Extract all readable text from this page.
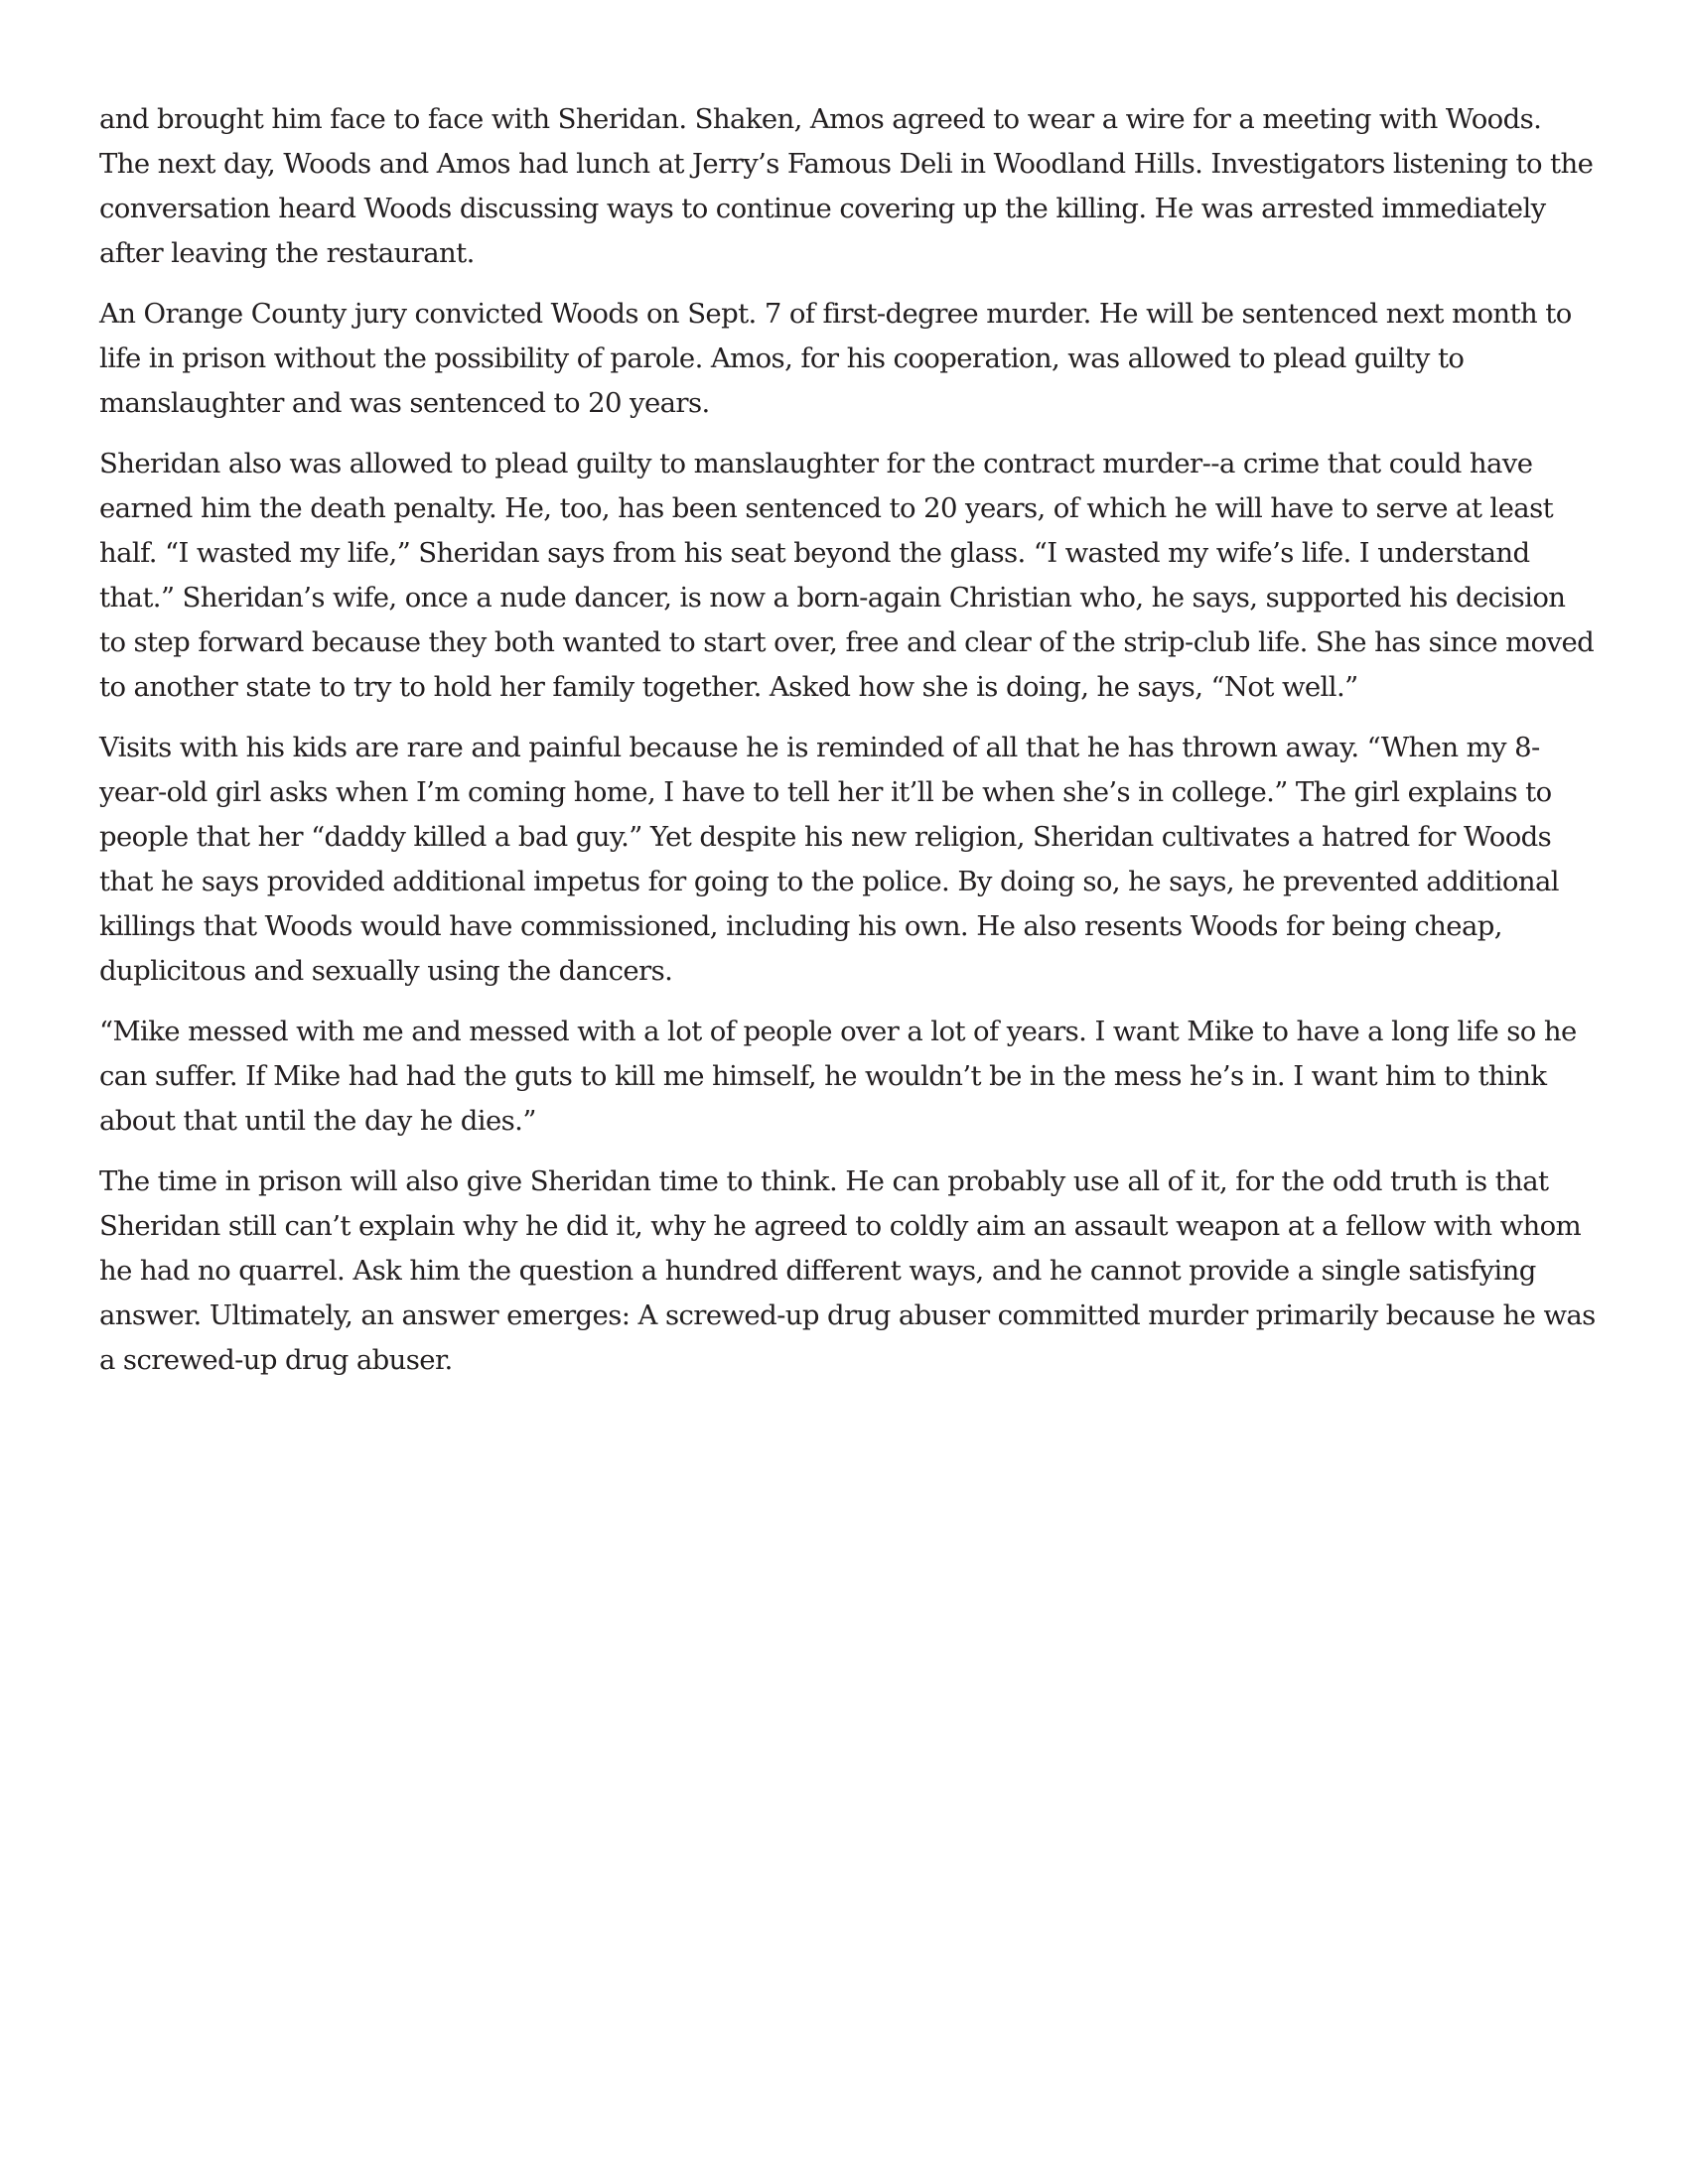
and brought him face to face with Sheridan. Shaken, Amos agreed to wear a wire for a meeting with Woods. The next day, Woods and Amos had lunch at Jerry’s Famous Deli in Woodland Hills. Investigators listening to the conversation heard Woods discussing ways to continue covering up the killing. He was arrested immediately after leaving the restaurant.

An Orange County jury convicted Woods on Sept. 7 of first-degree murder. He will be sentenced next month to life in prison without the possibility of parole. Amos, for his cooperation, was allowed to plead guilty to manslaughter and was sentenced to 20 years.

Sheridan also was allowed to plead guilty to manslaughter for the contract murder--a crime that could have earned him the death penalty. He, too, has been sentenced to 20 years, of which he will have to serve at least half. “I wasted my life,” Sheridan says from his seat beyond the glass. “I wasted my wife’s life. I understand that.” Sheridan’s wife, once a nude dancer, is now a born-again Christian who, he says, supported his decision to step forward because they both wanted to start over, free and clear of the strip-club life. She has since moved to another state to try to hold her family together. Asked how she is doing, he says, “Not well.”

Visits with his kids are rare and painful because he is reminded of all that he has thrown away. “When my 8-year-old girl asks when I’m coming home, I have to tell her it’ll be when she’s in college.” The girl explains to people that her “daddy killed a bad guy.” Yet despite his new religion, Sheridan cultivates a hatred for Woods that he says provided additional impetus for going to the police. By doing so, he says, he prevented additional killings that Woods would have commissioned, including his own. He also resents Woods for being cheap, duplicitous and sexually using the dancers.

“Mike messed with me and messed with a lot of people over a lot of years. I want Mike to have a long life so he can suffer. If Mike had had the guts to kill me himself, he wouldn’t be in the mess he’s in. I want him to think about that until the day he dies.”

The time in prison will also give Sheridan time to think. He can probably use all of it, for the odd truth is that Sheridan still can’t explain why he did it, why he agreed to coldly aim an assault weapon at a fellow with whom he had no quarrel. Ask him the question a hundred different ways, and he cannot provide a single satisfying answer. Ultimately, an answer emerges: A screwed-up drug abuser committed murder primarily because he was a screwed-up drug abuser.
